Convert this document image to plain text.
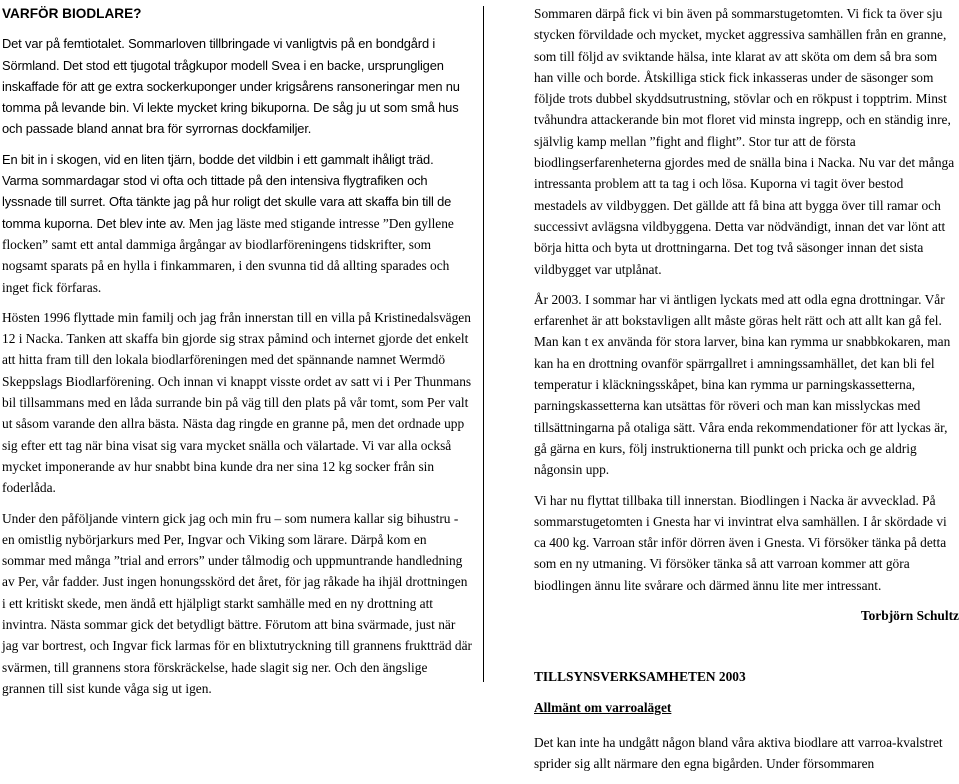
VARFÖR BIODLARE?

Det var på femtiotalet. Sommarloven tillbringade vi vanligtvis på en bondgård i Sörmland. Det stod ett tjugotal trågkupor modell Svea i en backe, ursprungligen inskaffade för att ge extra sockerkuponger under krigsårens ransoneringar men nu tomma på levande bin. Vi lekte mycket kring bikuporna. De såg ju ut som små hus och passade bland annat bra för syrrornas dockfamiljer.

En bit in i skogen, vid en liten tjärn, bodde det vildbin i ett gammalt ihåligt träd. Varma sommardagar stod vi ofta och tittade på den intensiva flygtrafiken och lyssnade till surret. Ofta tänkte jag på hur roligt det skulle vara att skaffa bin till de tomma kuporna. Det blev inte av. Men jag läste med stigande intresse ”Den gyllene flocken” samt ett antal dammiga årgångar av biodlarföreningens tidskrifter, som nogsamt sparats på en hylla i finkammaren, i den svunna tid då allting sparades och inget fick förfaras.

Hösten 1996 flyttade min familj och jag från innerstan till en villa på Kristinedalsvägen 12 i Nacka. Tanken att skaffa bin gjorde sig strax påmind och internet gjorde det enkelt att hitta fram till den lokala biodlarföreningen med det spännande namnet Wermdö Skeppslags Biodlarförening. Och innan vi knappt visste ordet av satt vi i Per Thunmans bil tillsammans med en låda surrande bin på väg till den plats på vår tomt, som Per valt ut såsom varande den allra bästa. Nästa dag ringde en granne på, men det ordnade upp sig efter ett tag när bina visat sig vara mycket snälla och välartade. Vi var alla också mycket imponerande av hur snabbt bina kunde dra ner sina 12 kg socker från sin foderlåda.

Under den påföljande vintern gick jag och min fru – som numera kallar sig bihustru - en omistlig nybörjarkurs med Per, Ingvar och Viking som lärare. Därpå kom en sommar med många ”trial and errors” under tålmodig och uppmuntrande handledning av Per, vår fadder. Just ingen honungsskörd det året, för jag råkade ha ihjäl drottningen i ett kritiskt skede, men ändå ett hjälpligt starkt samhälle med en ny drottning att invintra. Nästa sommar gick det betydligt bättre. Förutom att bina svärmade, just när jag var bortrest, och Ingvar fick larmas för en blixtutryckning till grannens fruktträd där svärmen, till grannens stora förskräckelse, hade slagit sig ner. Och den ängslige grannen till sist kunde våga sig ut igen.

Sommaren därpå fick vi bin även på sommarstugetomten. Vi fick ta över sju stycken förvildade och mycket, mycket aggressiva samhällen från en granne, som till följd av sviktande hälsa, inte klarat av att sköta om dem så bra som han ville och borde. Åtskilliga stick fick inkasseras under de säsonger som följde trots dubbel skyddsutrustning, stövlar och en rökpust i topptrim. Minst tvåhundra attackerande bin mot floret vid minsta ingrepp, och en ständig inre, självlig kamp mellan ”fight and flight”. Stor tur att de första biodlingserfarenheterna gjordes med de snälla bina i Nacka. Nu var det många intressanta problem att ta tag i och lösa. Kuporna vi tagit över bestod mestadels av vildbyggen. Det gällde att få bina att bygga över till ramar och successivt avlägsna vildbyggena. Detta var nödvändigt, innan det var lönt att börja hitta och byta ut drottningarna. Det tog två säsonger innan det sista vildbygget var utplånat.

År 2003. I sommar har vi äntligen lyckats med att odla egna drottningar. Vår erfarenhet är att bokstavligen allt måste göras helt rätt och att allt kan gå fel. Man kan t ex använda för stora larver, bina kan rymma ur snabbkokaren, man kan ha en drottning ovanför spärrgallret i amningssamhället, det kan bli fel temperatur i kläckningsskåpet, bina kan rymma ur parningskassetterna, parningskassetterna kan utsättas för röveri och man kan misslyckas med tillsättningarna på otaliga sätt. Våra enda rekommendationer för att lyckas är, gå gärna en kurs, följ instruktionerna till punkt och pricka och ge aldrig någonsin upp.

Vi har nu flyttat tillbaka till innerstan. Biodlingen i Nacka är avvecklad. På sommarstugetomten i Gnesta har vi invintrat elva samhällen. I år skördade vi ca 400 kg. Varroan står inför dörren även i Gnesta. Vi försöker tänka på detta som en ny utmaning. Vi försöker tänka så att varroan kommer att göra biodlingen ännu lite svårare och därmed ännu lite mer intressant.

Torbjörn Schultz

TILLSYNSVERKSAMHETEN 2003

Allmänt om varroaläget

Det kan inte ha undgått någon bland våra aktiva biodlare att varroa-kvalstret sprider sig allt närmare den egna bigården. Under försommaren
